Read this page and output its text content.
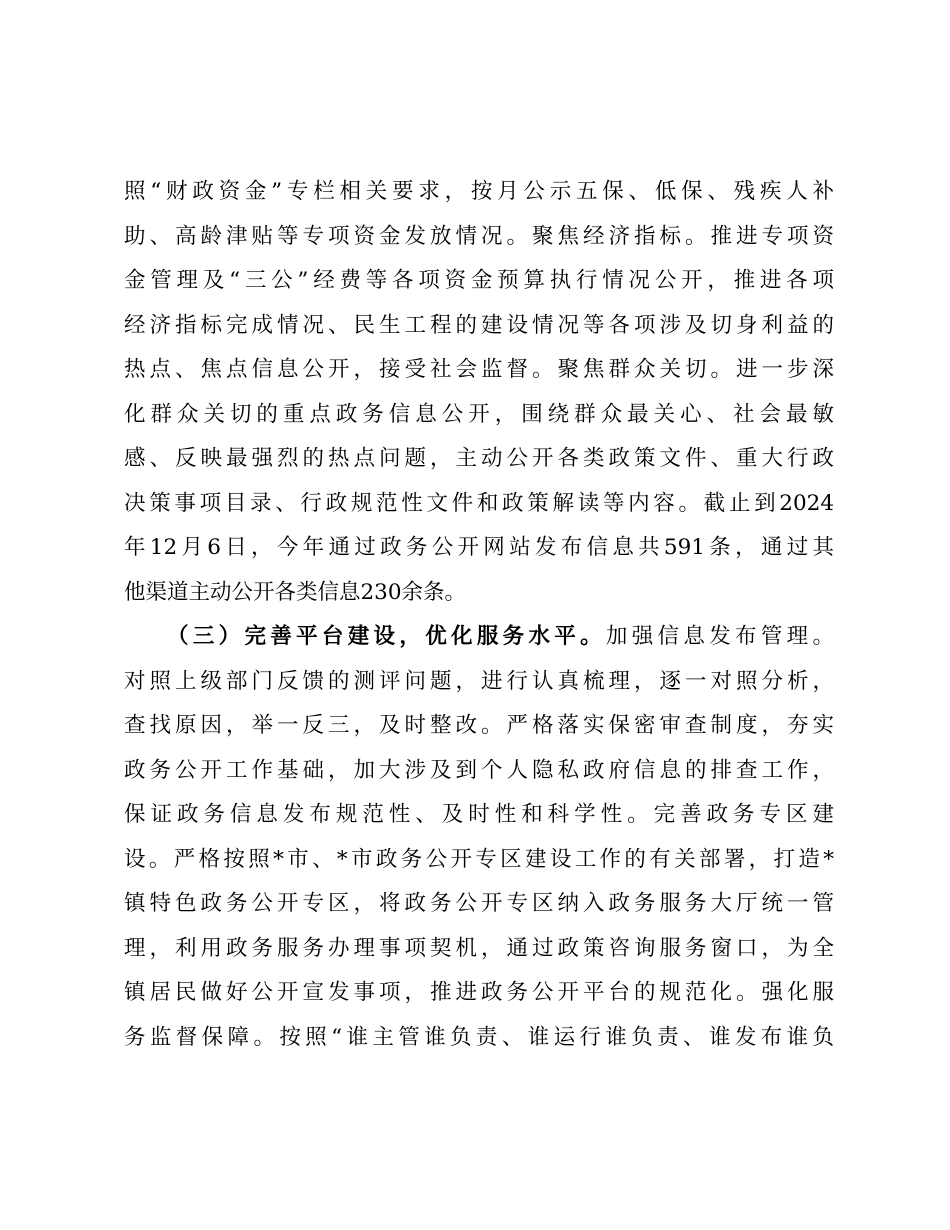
照“财政资金”专栏相关要求，按月公示五保、低保、残疾人补
助、高龄津贴等专项资金发放情况。聚焦经济指标。推进专项资
金管理及“三公”经费等各项资金预算执行情况公开，推进各项
经济指标完成情况、民生工程的建设情况等各项涉及切身利益的
热点、焦点信息公开，接受社会监督。聚焦群众关切。进一步深
化群众关切的重点政务信息公开，围绕群众最关心、社会最敏
感、反映最强烈的热点问题，主动公开各类政策文件、重大行政
决策事项目录、行政规范性文件和政策解读等内容。截止到2024
年12月6日，今年通过政务公开网站发布信息共591条，通过其
他渠道主动公开各类信息230余条。
（三）完善平台建设，优化服务水平。加强信息发布管理。
对照上级部门反馈的测评问题，进行认真梳理，逐一对照分析，
查找原因，举一反三，及时整改。严格落实保密审查制度，夯实
政务公开工作基础，加大涉及到个人隐私政府信息的排查工作，
保证政务信息发布规范性、及时性和科学性。完善政务专区建
设。严格按照*市、*市政务公开专区建设工作的有关部署，打造*
镇特色政务公开专区，将政务公开专区纳入政务服务大厅统一管
理，利用政务服务办理事项契机，通过政策咨询服务窗口，为全
镇居民做好公开宣发事项，推进政务公开平台的规范化。强化服
务监督保障。按照“谁主管谁负责、谁运行谁负责、谁发布谁负
